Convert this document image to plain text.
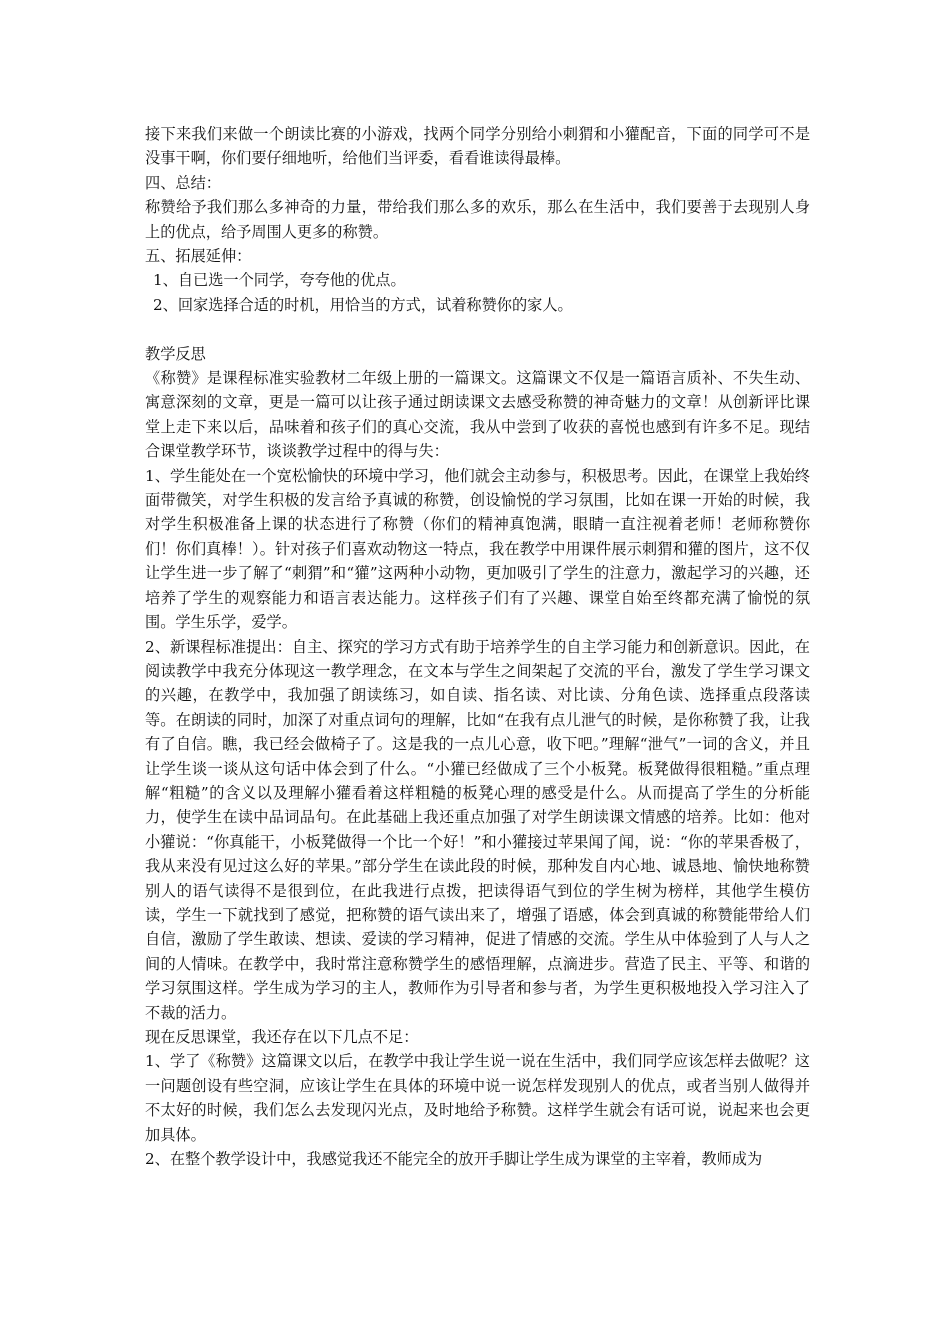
接下来我们来做一个朗读比赛的小游戏，找两个同学分别给小刺猬和小獾配音，下面的同学可不是没事干啊，你们要仔细地听，给他们当评委，看看谁读得最棒。

四、总结：

称赞给予我们那么多神奇的力量，带给我们那么多的欢乐，那么在生活中，我们要善于去现别人身上的优点，给予周围人更多的称赞。

五、拓展延伸：

1、自已选一个同学，夸夸他的优点。

2、回家选择合适的时机，用恰当的方式，试着称赞你的家人。

教学反思

《称赞》是课程标准实验教材二年级上册的一篇课文。这篇课文不仅是一篇语言质补、不失生动、寓意深刻的文章，更是一篇可以让孩子通过朗读课文去感受称赞的神奇魅力的文章！从创新评比课堂上走下来以后，品味着和孩子们的真心交流，我从中尝到了收获的喜悦也感到有许多不足。现结合课堂教学环节，谈谈教学过程中的得与失：

1、学生能处在一个宽松愉快的环境中学习，他们就会主动参与，积极思考。因此，在课堂上我始终面带微笑，对学生积极的发言给予真诚的称赞，创设愉悦的学习氛围，比如在课一开始的时候，我对学生积极准备上课的状态进行了称赞（你们的精神真饱满，眼睛一直注视着老师！老师称赞你们！你们真棒！）。针对孩子们喜欢动物这一特点，我在教学中用课件展示刺猬和獾的图片，这不仅让学生进一步了解了“刺猬”和“獾”这两种小动物，更加吸引了学生的注意力，激起学习的兴趣，还培养了学生的观察能力和语言表达能力。这样孩子们有了兴趣、课堂自始至终都充满了愉悦的氛围。学生乐学，爱学。

2、新课程标准提出：自主、探究的学习方式有助于培养学生的自主学习能力和创新意识。因此，在阅读教学中我充分体现这一教学理念，在文本与学生之间架起了交流的平台，激发了学生学习课文的兴趣，在教学中，我加强了朗读练习，如自读、指名读、对比读、分角色读、选择重点段落读等。在朗读的同时，加深了对重点词句的理解，比如“在我有点儿泄气的时候，是你称赞了我，让我有了自信。瞧，我已经会做椅子了。这是我的一点儿心意，收下吧。”理解“泄气”一词的含义，并且让学生谈一谈从这句话中体会到了什么。“小獾已经做成了三个小板凳。板凳做得很粗糙。”重点理解“粗糙”的含义以及理解小獾看着这样粗糙的板凳心理的感受是什么。从而提高了学生的分析能力，使学生在读中品词品句。在此基础上我还重点加强了对学生朗读课文情感的培养。比如：他对小獾说：“你真能干，小板凳做得一个比一个好！”和小獾接过苹果闻了闻，说：“你的苹果香极了，我从来没有见过这么好的苹果。”部分学生在读此段的时候，那种发自内心地、诚恳地、愉快地称赞别人的语气读得不是很到位，在此我进行点拨，把读得语气到位的学生树为榜样，其他学生模仿读，学生一下就找到了感觉，把称赞的语气读出来了，增强了语感，体会到真诚的称赞能带给人们自信，激励了学生敢读、想读、爱读的学习精神，促进了情感的交流。学生从中体验到了人与人之间的人情味。在教学中，我时常注意称赞学生的感悟理解，点滴进步。营造了民主、平等、和谐的学习氛围这样。学生成为学习的主人，教师作为引导者和参与者，为学生更积极地投入学习注入了不裁的活力。

现在反思课堂，我还存在以下几点不足：

1、学了《称赞》这篇课文以后，在教学中我让学生说一说在生活中，我们同学应该怎样去做呢？这一问题创设有些空洞，应该让学生在具体的环境中说一说怎样发现别人的优点，或者当别人做得并不太好的时候，我们怎么去发现闪光点，及时地给予称赞。这样学生就会有话可说，说起来也会更加具体。

2、在整个教学设计中，我感觉我还不能完全的放开手脚让学生成为课堂的主宰着，教师成为
